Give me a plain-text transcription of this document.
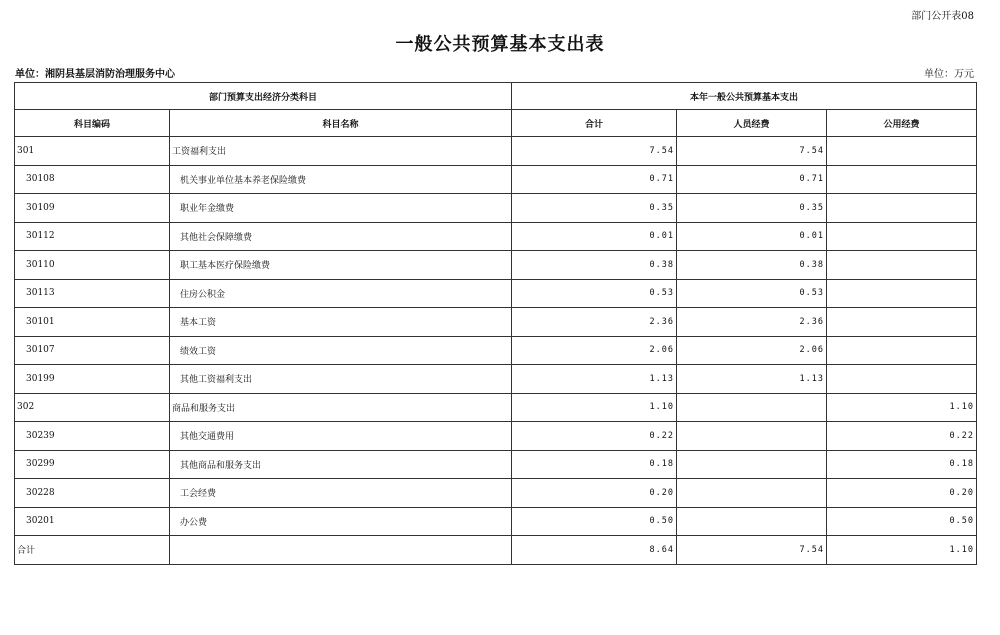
部门公开表08
一般公共预算基本支出表
单位：湘阴县基层消防治理服务中心	单位：万元
部门预算支出经济分类科目		本年一般公共预算基本支出		
科目编码	科目名称	合计	人员经费	公用经费
301	工资福利支出	7.54	7.54	
30108	机关事业单位基本养老保险缴费	0.71	0.71	
30109	职业年金缴费	0.35	0.35	
30112	其他社会保障缴费	0.01	0.01	
30110	职工基本医疗保险缴费	0.38	0.38	
30113	住房公积金	0.53	0.53	
30101	基本工资	2.36	2.36	
30107	绩效工资	2.06	2.06	
30199	其他工资福利支出	1.13	1.13	
302	商品和服务支出	1.10		1.10
30239	其他交通费用	0.22		0.22
30299	其他商品和服务支出	0.18		0.18
30228	工会经费	0.20		0.20
30201	办公费	0.50		0.50
合计		8.64	7.54	1.10
